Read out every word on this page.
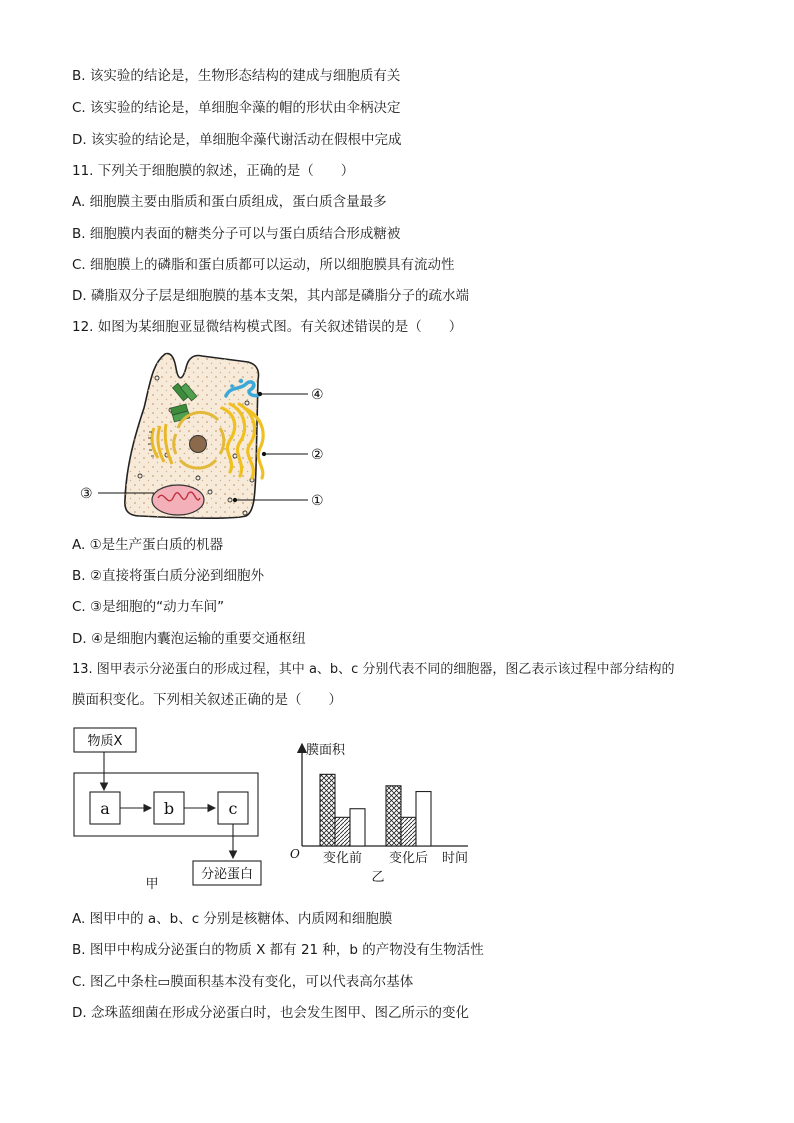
B. 该实验的结论是，生物形态结构的建成与细胞质有关
C. 该实验的结论是，单细胞伞藻的帽的形状由伞柄决定
D. 该实验的结论是，单细胞伞藻代谢活动在假根中完成
11. 下列关于细胞膜的叙述，正确的是（　　）
A. 细胞膜主要由脂质和蛋白质组成，蛋白质含量最多
B. 细胞膜内表面的糖类分子可以与蛋白质结合形成糖被
C. 细胞膜上的磷脂和蛋白质都可以运动，所以细胞膜具有流动性
D. 磷脂双分子层是细胞膜的基本支架，其内部是磷脂分子的疏水端
12. 如图为某细胞亚显微结构模式图。有关叙述错误的是（　　）
④
②
①
③
A. ①是生产蛋白质的机器
B. ②直接将蛋白质分泌到细胞外
C. ③是细胞的“动力车间”
D. ④是细胞内囊泡运输的重要交通枢纽
13. 图甲表示分泌蛋白的形成过程，其中 a、b、c 分别代表不同的细胞器，图乙表示该过程中部分结构的
膜面积变化。下列相关叙述正确的是（　　）
物质X
a	b	c
分泌蛋白
甲
膜面积
O	时间
变化前 变化后
乙
A. 图甲中的 a、b、c 分别是核糖体、内质网和细胞膜
B. 图甲中构成分泌蛋白的物质 X 都有 21 种，b 的产物没有生物活性
C. 图乙中条柱▭膜面积基本没有变化，可以代表高尔基体
D. 念珠蓝细菌在形成分泌蛋白时，也会发生图甲、图乙所示的变化
